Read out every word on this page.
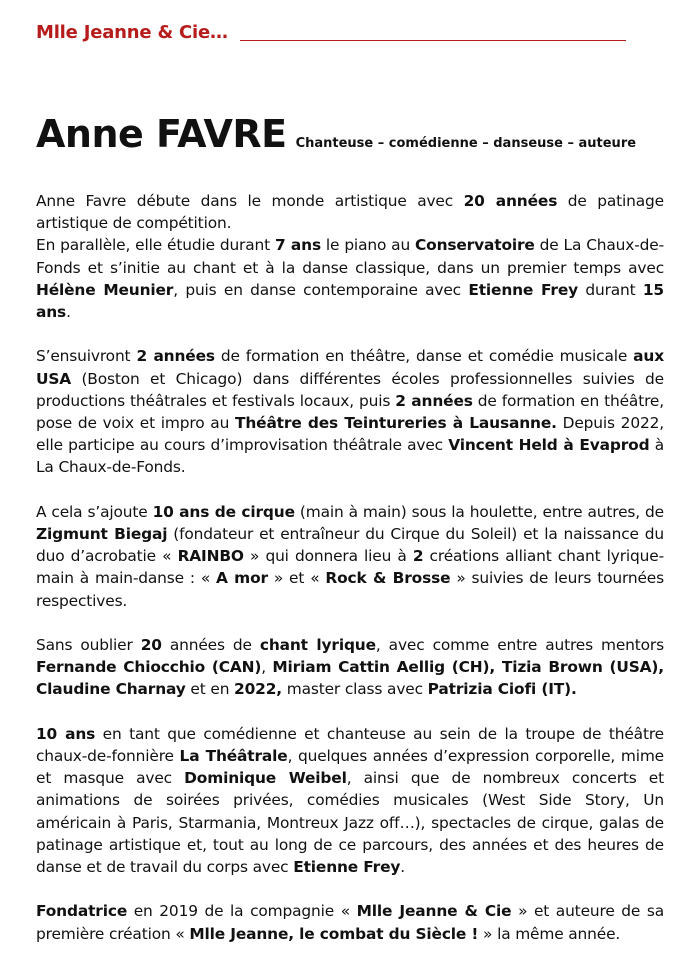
Mlle Jeanne & Cie…
Anne FAVRE Chanteuse – comédienne – danseuse – auteure

Anne Favre débute dans le monde artistique avec 20 années de patinage artistique de compétition.

En parallèle, elle étudie durant 7 ans le piano au Conservatoire de La Chaux-de-Fonds et s’initie au chant et à la danse classique, dans un premier temps avec Hélène Meunier, puis en danse contemporaine avec Etienne Frey durant 15 ans.

S’ensuivront 2 années de formation en théâtre, danse et comédie musicale aux USA (Boston et Chicago) dans différentes écoles professionnelles suivies de productions théâtrales et festivals locaux, puis 2 années de formation en théâtre, pose de voix et impro au Théâtre des Teintureries à Lausanne. Depuis 2022, elle participe au cours d’improvisation théâtrale avec Vincent Held à Evaprod à La Chaux-de-Fonds.

A cela s’ajoute 10 ans de cirque (main à main) sous la houlette, entre autres, de Zigmunt Biegaj (fondateur et entraîneur du Cirque du Soleil) et la naissance du duo d’acrobatie « RAINBO » qui donnera lieu à 2 créations alliant chant lyrique-main à main-danse : « A mor » et « Rock & Brosse » suivies de leurs tournées respectives.

Sans oublier 20 années de chant lyrique, avec comme entre autres mentors Fernande Chiocchio (CAN), Miriam Cattin Aellig (CH), Tizia Brown (USA), Claudine Charnay et en 2022, master class avec Patrizia Ciofi (IT).

10 ans en tant que comédienne et chanteuse au sein de la troupe de théâtre chaux-de-fonnière La Théâtrale, quelques années d’expression corporelle, mime et masque avec Dominique Weibel, ainsi que de nombreux concerts et animations de soirées privées, comédies musicales (West Side Story, Un américain à Paris, Starmania, Montreux Jazz off…), spectacles de cirque, galas de patinage artistique et, tout au long de ce parcours, des années et des heures de danse et de travail du corps avec Etienne Frey.

Fondatrice en 2019 de la compagnie « Mlle Jeanne & Cie » et auteure de sa première création « Mlle Jeanne, le combat du Siècle ! » la même année.
